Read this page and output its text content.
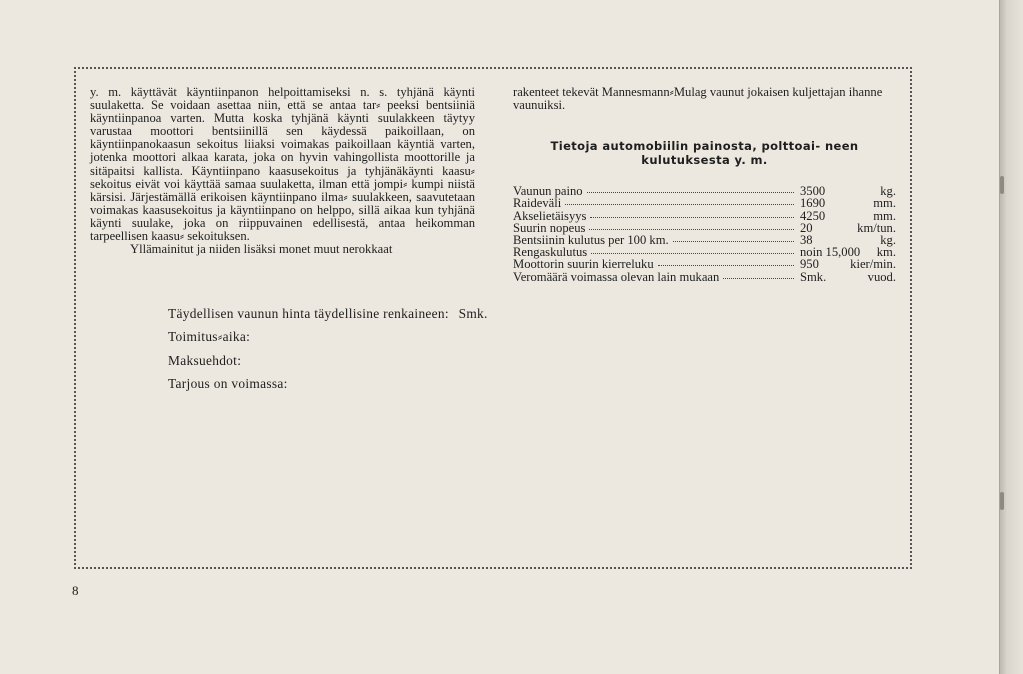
y. m. käyttävät käyntiinpanon helpoittamiseksi n. s. tyhjänä käynti suulaketta. Se voidaan asettaa niin, että se antaa tar⸗ peeksi bentsiiniä käyntiinpanoa varten. Mutta koska tyhjänä käynti suulakkeen täytyy varustaa moottori bentsiinillä sen käydessä paikoillaan, on käyntiinpanokaasun sekoitus liiaksi voimakas paikoillaan käyntiä varten, jotenka moottori alkaa karata, joka on hyvin vahingollista moottorille ja sitäpaitsi kallista. Käyntiinpano kaasusekoitus ja tyhjänäkäynti kaasu⸗ sekoitus eivät voi käyttää samaa suulaketta, ilman että jompi⸗ kumpi niistä kärsisi. Järjestämällä erikoisen käyntiinpano ilma⸗ suulakkeen, saavutetaan voimakas kaasusekoitus ja käyntiinpano on helppo, sillä aikaa kun tyhjänä käynti suulake, joka on riippuvainen edellisestä, antaa heikomman tarpeellisen kaasu⸗ sekoituksen.

Yllämainitut ja niiden lisäksi monet muut nerokkaat

rakenteet tekevät Mannesmann⸗Mulag vaunut jokaisen kuljettajan ihanne vaunuiksi.

Tietoja automobiilin painosta, polttoai- neen kulutuksesta y. m.
Vaunun paino	3500	kg.
Raideväli	1690	mm.
Akselietäisyys	4250	mm.
Suurin nopeus	20	km/tun.
Bentsiinin kulutus per 100 km.	38	kg.
Rengaskulutus	noin 15,000 km.
Moottorin suurin kierreluku	950 kier/min.
Veromäärä voimassa olevan lain mukaan	Smk.	vuod.
Täydellisen vaunun hinta täydellisine renkaineen: Smk.
Toimitus⸗aika:
Maksuehdot:
Tarjous on voimassa:
8
